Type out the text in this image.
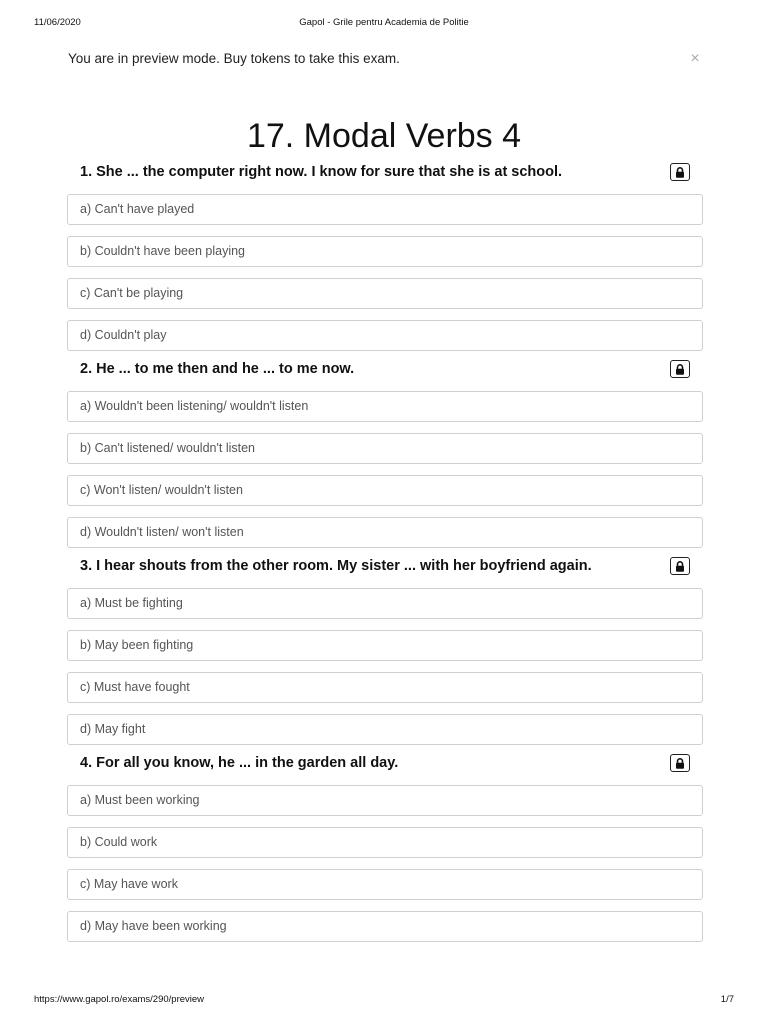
11/06/2020	Gapol - Grile pentru Academia de Politie
You are in preview mode. Buy tokens to take this exam.	×
17. Modal Verbs 4
1. She ... the computer right now. I know for sure that she is at school.
a) Can't have played
b) Couldn't have been playing
c) Can't be playing
d) Couldn't play
2. He ... to me then and he ... to me now.
a) Wouldn't been listening/ wouldn't listen
b) Can't listened/ wouldn't listen
c) Won't listen/ wouldn't listen
d) Wouldn't listen/ won't listen
3. I hear shouts from the other room. My sister ... with her boyfriend again.
a) Must be fighting
b) May been fighting
c) Must have fought
d) May fight
4. For all you know, he ... in the garden all day.
a) Must been working
b) Could work
c) May have work
d) May have been working
https://www.gapol.ro/exams/290/preview	1/7
